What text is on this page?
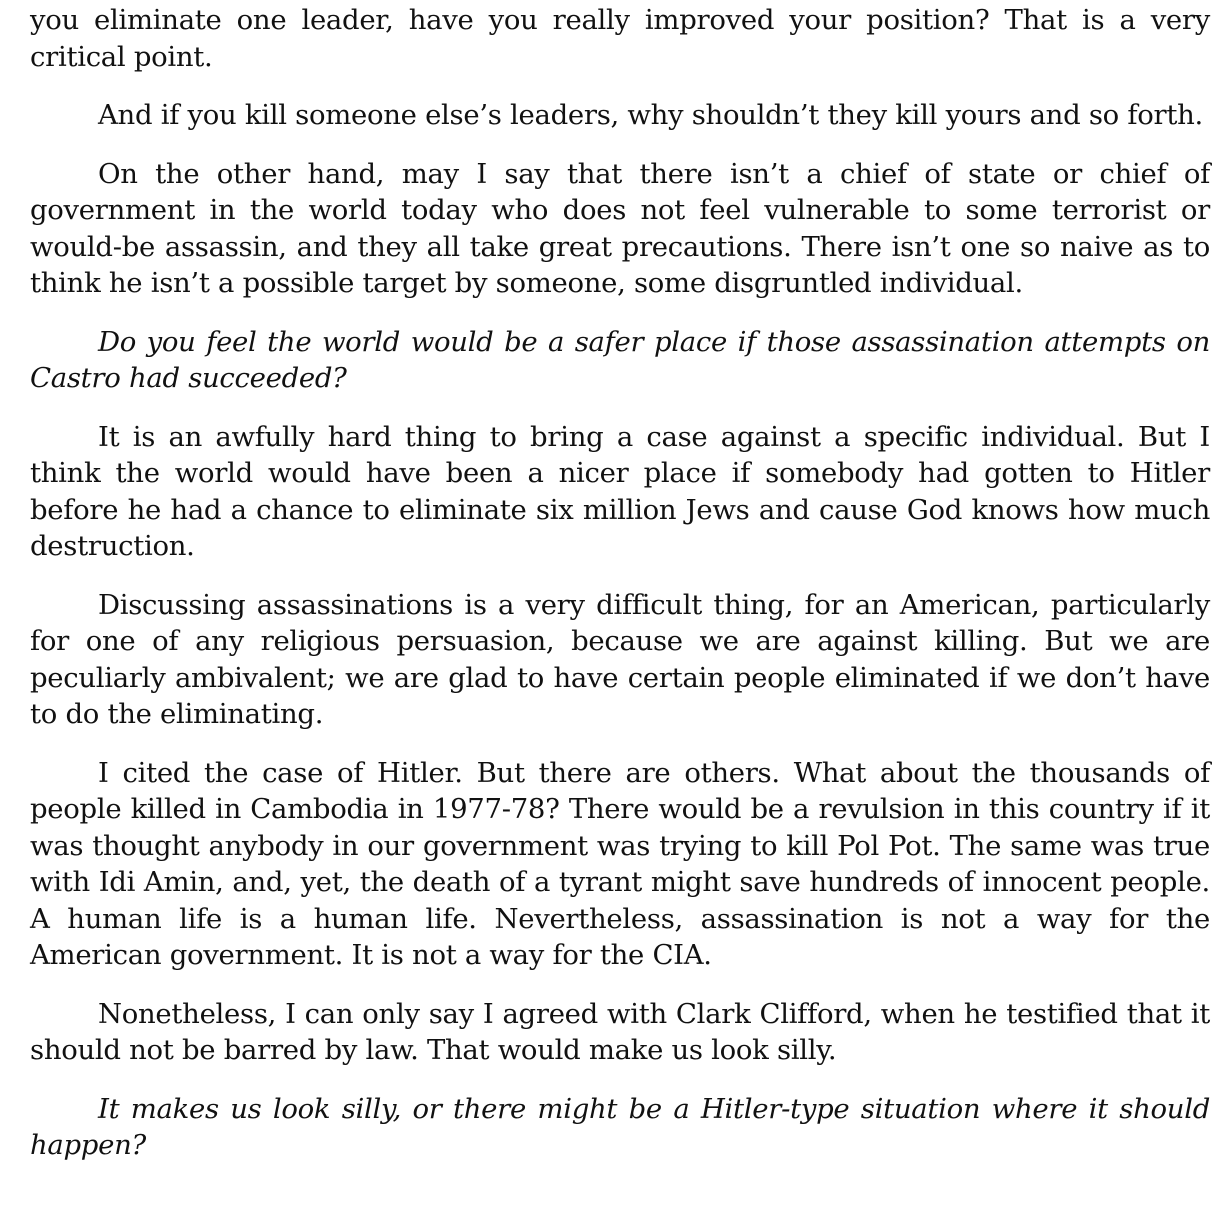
you eliminate one leader, have you really improved your position? That is a very critical point.

And if you kill someone else’s leaders, why shouldn’t they kill yours and so forth.

On the other hand, may I say that there isn’t a chief of state or chief of government in the world today who does not feel vulnerable to some terrorist or would-be assassin, and they all take great precautions. There isn’t one so naive as to think he isn’t a possible target by someone, some disgruntled individual.

Do you feel the world would be a safer place if those assassination attempts on Castro had succeeded?

It is an awfully hard thing to bring a case against a specific individual. But I think the world would have been a nicer place if somebody had gotten to Hitler before he had a chance to eliminate six million Jews and cause God knows how much destruction.

Discussing assassinations is a very difficult thing, for an American, particularly for one of any religious persuasion, because we are against killing. But we are peculiarly ambivalent; we are glad to have certain people eliminated if we don’t have to do the eliminating.

I cited the case of Hitler. But there are others. What about the thousands of people killed in Cambodia in 1977-78? There would be a revulsion in this country if it was thought anybody in our government was trying to kill Pol Pot. The same was true with Idi Amin, and, yet, the death of a tyrant might save hundreds of innocent people. A human life is a human life. Nevertheless, assassination is not a way for the American government. It is not a way for the CIA.

Nonetheless, I can only say I agreed with Clark Clifford, when he testified that it should not be barred by law. That would make us look silly.

It makes us look silly, or there might be a Hitler-type situation where it should happen?
